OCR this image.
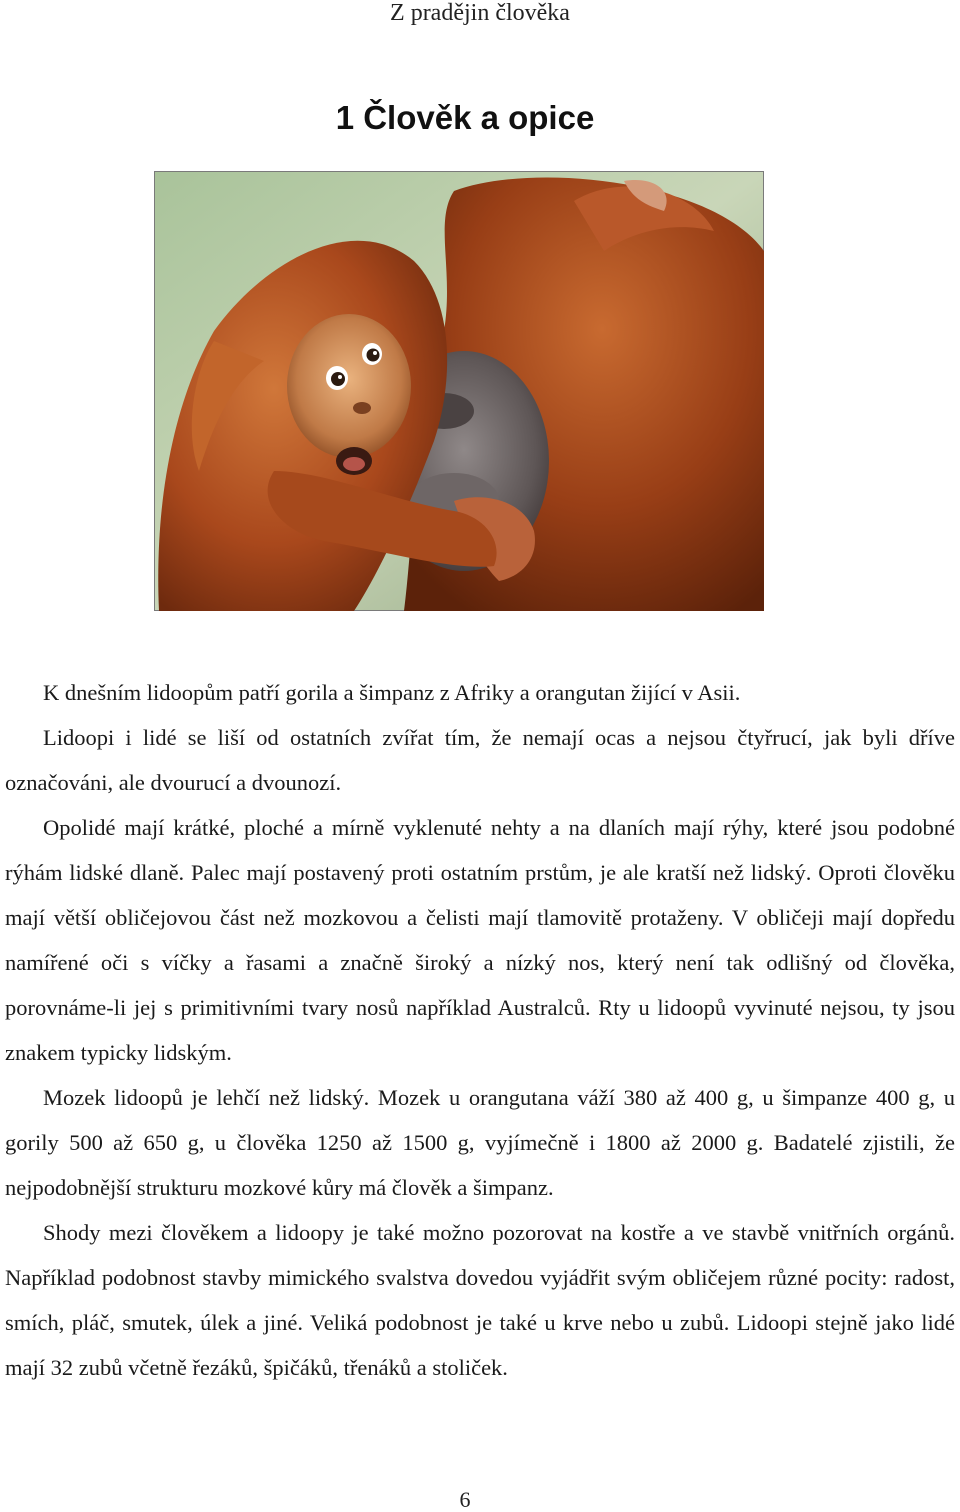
Z pradějin člověka
1 Člověk a opice

K dnešním lidoopům patří gorila a šimpanz z Afriky a orangutan žijící v Asii.

Lidoopi i lidé se liší od ostatních zvířat tím, že nemají ocas a nejsou čtyřrucí, jak byli dříve označováni, ale dvourucí a dvounozí.

Opolidé mají krátké, ploché a mírně vyklenuté nehty a na dlaních mají rýhy, které jsou podobné rýhám lidské dlaně. Palec mají postavený proti ostatním prstům, je ale kratší než lidský. Oproti člověku mají větší obličejovou část než mozkovou a čelisti mají tlamovitě protaženy. V obličeji mají dopředu namířené oči s víčky a řasami a značně široký a nízký nos, který není tak odlišný od člověka, porovnáme-li jej s primitivními tvary nosů například Australců. Rty u lidoopů vyvinuté nejsou, ty jsou znakem typicky lidským.

Mozek lidoopů je lehčí než lidský. Mozek u orangutana váží 380 až 400 g, u šimpanze 400 g, u gorily 500 až 650 g, u člověka 1250 až 1500 g, vyjímečně i 1800 až 2000 g. Badatelé zjistili, že nejpodobnější strukturu mozkové kůry má člověk a šimpanz.

Shody mezi člověkem a lidoopy je také možno pozorovat na kostře a ve stavbě vnitřních orgánů. Například podobnost stavby mimického svalstva dovedou vyjádřit svým obličejem různé pocity: radost, smích, pláč, smutek, úlek a jiné. Veliká podobnost je také u krve nebo u zubů. Lidoopi stejně jako lidé mají 32 zubů včetně řezáků, špičáků, třenáků a stoliček.

6
